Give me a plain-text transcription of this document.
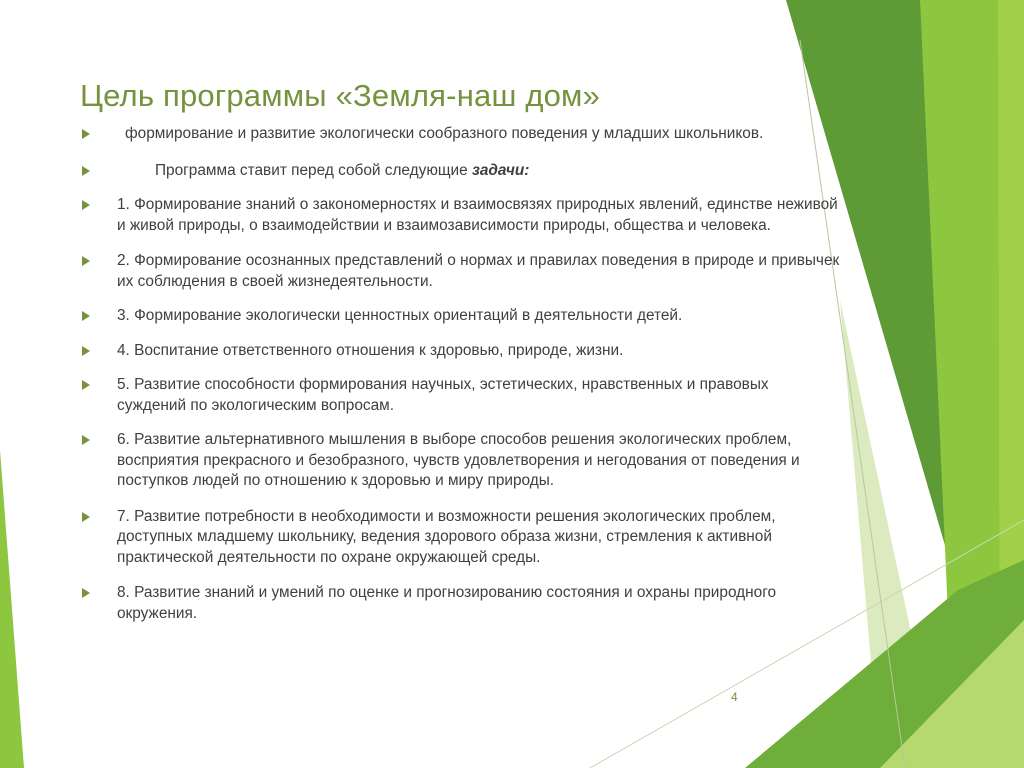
Цель программы «Земля-наш дом»
формирование и развитие экологически сообразного поведения у младших школьников.
Программа ставит перед собой следующие задачи:
1. Формирование знаний о закономерностях и взаимосвязях природных явлений, единстве неживой и живой природы, о взаимодействии и взаимозависимости природы, общества и человека.
2. Формирование осознанных представлений о нормах и правилах поведения в природе и привычек их соблюдения в своей жизнедеятельности.
3. Формирование экологически ценностных ориентаций в деятельности детей.
4. Воспитание ответственного отношения к здоровью, природе, жизни.
5. Развитие способности формирования научных, эстетических, нравственных и правовых суждений по экологическим вопросам.
6. Развитие альтернативного мышления в выборе способов решения экологических проблем, восприятия прекрасного и безобразного, чувств удовлетворения и негодования от поведения и поступков людей по отношению к здоровью и миру природы.
7. Развитие потребности в необходимости и возможности решения экологических проблем, доступных младшему школьнику, ведения здорового образа жизни, стремления к активной практической деятельности по охране окружающей среды.
8. Развитие знаний и умений по оценке и прогнозированию состояния и охраны природного окружения.
4
